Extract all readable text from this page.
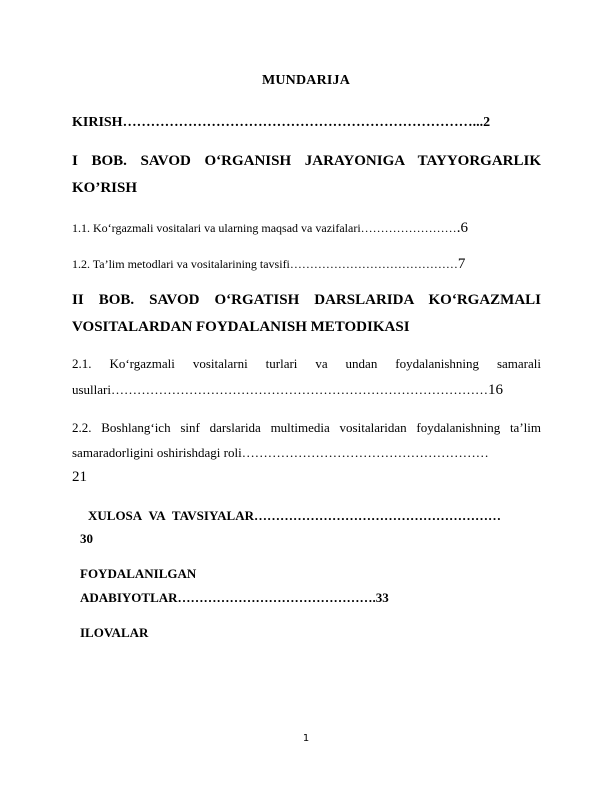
MUNDARIJA
KIRISH…………………………………………………………………...2
I BOB. SAVOD O‘RGANISH JARAYONIGA TAYYORGARLIK
KO’RISH
1.1. Ko‘rgazmali vositalari va ularning maqsad va vazifalari…………………….6
1.2. Ta’lim metodlari va vositalarining tavsifi……………………………………7
II BOB. SAVOD O‘RGATISH DARSLARIDA KO‘RGAZMALI
VOSITALARDAN FOYDALANISH METODIKASI
2.1. Ko‘rgazmali vositalarni turlari va undan foydalanishning samarali
usullari……………………………………………………………………………16
2.2. Boshlang‘ich sinf darslarida multimedia vositalaridan foydalanishning ta’lim
samaradorligini oshirishdagi roli…………………………………………………
21
XULOSA VA TAVSIYALAR…………………………………………………
30
FOYDALANILGAN
ADABIYOTLAR……………………………………….33
ILOVALAR
1
